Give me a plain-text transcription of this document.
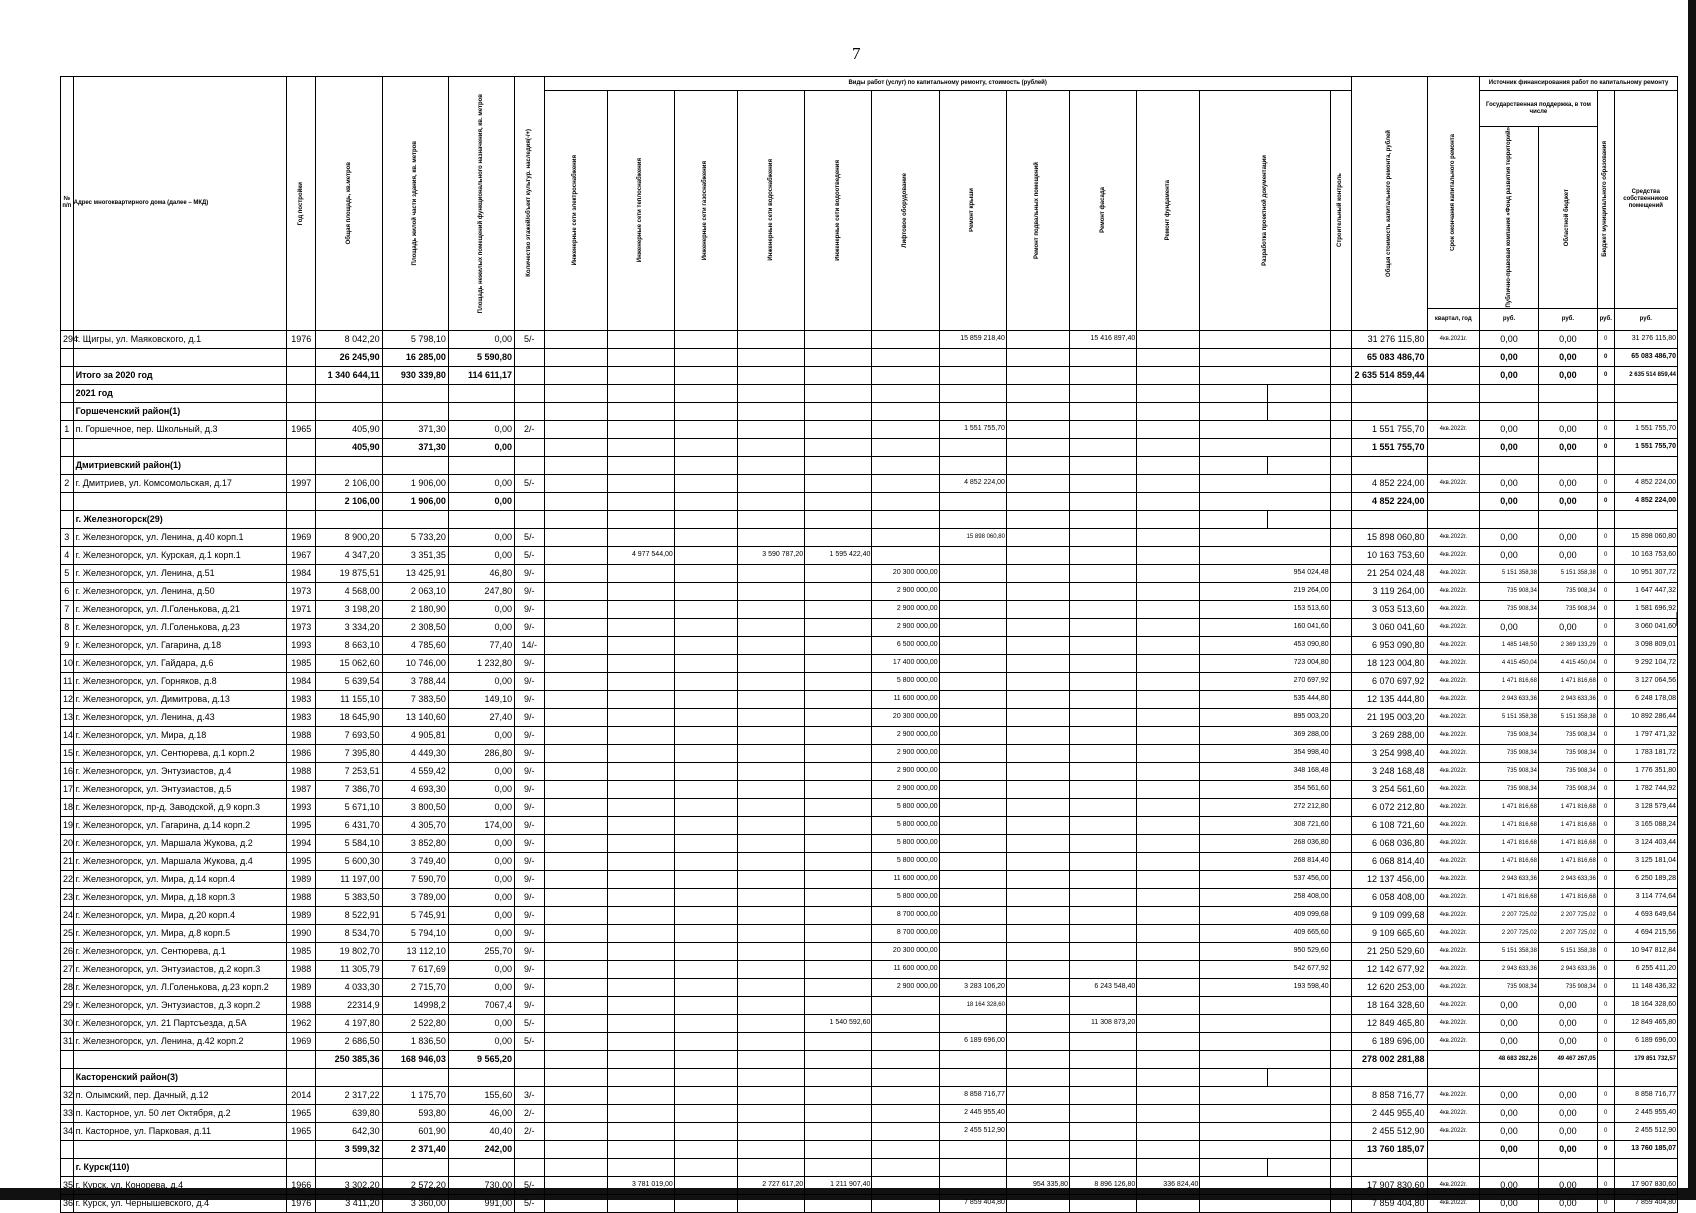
7
№ п/п	Адрес многоквартирного дома (далее – МКД)	Год постройки	Общая площадь, кв.метров	Площадь жилой части здания, кв. метров	Площадь нежилых помещений функционального назначения, кв. метров	Количество этажей/объект культур. наследия(-/+)	Виды работ (услуг) по капитальному ремонту, стоимость (рублей)													Общая стоимость капитального ремонта, рублей	Срок окончания капитального ремонта	Источник финансирования работ по капитальному ремонту			

							Инженерные сети электроснабжения	Инженерные сети теплоснабжения	Инженерные сети газоснабжения	Инженерные сети водоснабжения	Инженерные сети водоотведения	Лифтовое оборудование	Ремонт крыши	Ремонт подвальных помещений	Ремонт фасада	Ремонт фундамента	Разработка проектной документации		Строительный контроль			Государственная поддержка, в том числе		Бюджет муниципального образования	Средства собственников помещений

																						Публично-правовая компания «Фонд развития территорий»	Областной бюджет		

																					квартал, год	руб.	руб.	руб.	руб.
294	г. Щигры, ул. Маяковского, д.1	1976	8 042,20	5 798,10	0,00	5/-							15 859 218,40		15 416 897,40					31 276 115,80	4кв.2021г.	0,00	0,00	0	31 276 115,80
			26 245,90	16 285,00	5 590,80															65 083 486,70		0,00	0,00	0	65 083 486,70
	Итого за 2020 год		1 340 644,11	930 339,80	114 611,17															2 635 514 859,44		0,00	0,00	0	2 635 514 859,44
	2021 год																								
	Горшеченский район(1)																								
1	п. Горшечное, пер. Школьный, д.3	1965	405,90	371,30	0,00	2/-							1 551 755,70							1 551 755,70	4кв.2022г.	0,00	0,00	0	1 551 755,70
			405,90	371,30	0,00															1 551 755,70		0,00	0,00	0	1 551 755,70
	Дмитриевский район(1)																								
2	г. Дмитриев, ул. Комсомольская, д.17	1997	2 106,00	1 906,00	0,00	5/-							4 852 224,00							4 852 224,00	4кв.2022г.	0,00	0,00	0	4 852 224,00
			2 106,00	1 906,00	0,00															4 852 224,00		0,00	0,00	0	4 852 224,00
	г. Железногорск(29)																								
3	г. Железногорск, ул. Ленина, д.40 корп.1	1969	8 900,20	5 733,20	0,00	5/-							15 898 060,80							15 898 060,80	4кв.2022г.	0,00	0,00	0	15 898 060,80
4	г. Железногорск, ул. Курская, д.1 корп.1	1967	4 347,20	3 351,35	0,00	5/-		4 977 544,00		3 590 787,20	1 595 422,40									10 163 753,60	4кв.2022г.	0,00	0,00	0	10 163 753,60
5	г. Железногорск, ул. Ленина, д.51	1984	19 875,51	13 425,91	46,80	9/-						20 300 000,00					954 024,48			21 254 024,48	4кв.2022г.	5 151 358,38	5 151 358,38	0	10 951 307,72
6	г. Железногорск, ул. Ленина, д.50	1973	4 568,00	2 063,10	247,80	9/-						2 900 000,00					219 264,00			3 119 264,00	4кв.2022г.	735 908,34	735 908,34	0	1 647 447,32
7	г. Железногорск, ул. Л.Голенькова, д.21	1971	3 198,20	2 180,90	0,00	9/-						2 900 000,00					153 513,60			3 053 513,60	4кв.2022г.	735 908,34	735 908,34	0	1 581 696,92
8	г. Железногорск, ул. Л.Голенькова, д.23	1973	3 334,20	2 308,50	0,00	9/-						2 900 000,00					160 041,60			3 060 041,60	4кв.2022г.	0,00	0,00	0	3 060 041,60
9	г. Железногорск, ул. Гагарина, д.18	1993	8 663,10	4 785,60	77,40	14/-						6 500 000,00					453 090,80			6 953 090,80	4кв.2022г.	1 485 148,50	2 369 133,29	0	3 098 809,01
10	г. Железногорск, ул. Гайдара, д.6	1985	15 062,60	10 746,00	1 232,80	9/-						17 400 000,00					723 004,80			18 123 004,80	4кв.2022г.	4 415 450,04	4 415 450,04	0	9 292 104,72
11	г. Железногорск, ул. Горняков, д.8	1984	5 639,54	3 788,44	0,00	9/-						5 800 000,00					270 697,92			6 070 697,92	4кв.2022г.	1 471 816,68	1 471 816,68	0	3 127 064,56
12	г. Железногорск, ул. Димитрова, д.13	1983	11 155,10	7 383,50	149,10	9/-						11 600 000,00					535 444,80			12 135 444,80	4кв.2022г.	2 943 633,36	2 943 633,36	0	6 248 178,08
13	г. Железногорск, ул. Ленина, д.43	1983	18 645,90	13 140,60	27,40	9/-						20 300 000,00					895 003,20			21 195 003,20	4кв.2022г.	5 151 358,38	5 151 358,38	0	10 892 286,44
14	г. Железногорск, ул. Мира, д.18	1988	7 693,50	4 905,81	0,00	9/-						2 900 000,00					369 288,00			3 269 288,00	4кв.2022г.	735 908,34	735 908,34	0	1 797 471,32
15	г. Железногорск, ул. Сентюрева, д.1 корп.2	1986	7 395,80	4 449,30	286,80	9/-						2 900 000,00					354 998,40			3 254 998,40	4кв.2022г.	735 908,34	735 908,34	0	1 783 181,72
16	г. Железногорск, ул. Энтузиастов, д.4	1988	7 253,51	4 559,42	0,00	9/-						2 900 000,00					348 168,48			3 248 168,48	4кв.2022г.	735 908,34	735 908,34	0	1 776 351,80
17	г. Железногорск, ул. Энтузиастов, д.5	1987	7 386,70	4 693,30	0,00	9/-						2 900 000,00					354 561,60			3 254 561,60	4кв.2022г.	735 908,34	735 908,34	0	1 782 744,92
18	г. Железногорск, пр-д. Заводской, д.9 корп.3	1993	5 671,10	3 800,50	0,00	9/-						5 800 000,00					272 212,80			6 072 212,80	4кв.2022г.	1 471 816,68	1 471 816,68	0	3 128 579,44
19	г. Железногорск, ул. Гагарина, д.14 корп.2	1995	6 431,70	4 305,70	174,00	9/-						5 800 000,00					308 721,60			6 108 721,60	4кв.2022г.	1 471 816,68	1 471 816,68	0	3 165 088,24
20	г. Железногорск, ул. Маршала Жукова, д.2	1994	5 584,10	3 852,80	0,00	9/-						5 800 000,00					268 036,80			6 068 036,80	4кв.2022г.	1 471 816,68	1 471 816,68	0	3 124 403,44
21	г. Железногорск, ул. Маршала Жукова, д.4	1995	5 600,30	3 749,40	0,00	9/-						5 800 000,00					268 814,40			6 068 814,40	4кв.2022г.	1 471 816,68	1 471 816,68	0	3 125 181,04
22	г. Железногорск, ул. Мира, д.14 корп.4	1989	11 197,00	7 590,70	0,00	9/-						11 600 000,00					537 456,00			12 137 456,00	4кв.2022г.	2 943 633,36	2 943 633,36	0	6 250 189,28
23	г. Железногорск, ул. Мира, д.18 корп.3	1988	5 383,50	3 789,00	0,00	9/-						5 800 000,00					258 408,00			6 058 408,00	4кв.2022г.	1 471 816,68	1 471 816,68	0	3 114 774,64
24	г. Железногорск, ул. Мира, д.20 корп.4	1989	8 522,91	5 745,91	0,00	9/-						8 700 000,00					409 099,68			9 109 099,68	4кв.2022г.	2 207 725,02	2 207 725,02	0	4 693 649,64
25	г. Железногорск, ул. Мира, д.8 корп.5	1990	8 534,70	5 794,10	0,00	9/-						8 700 000,00					409 665,60			9 109 665,60	4кв.2022г.	2 207 725,02	2 207 725,02	0	4 694 215,56
26	г. Железногорск, ул. Сентюрева, д.1	1985	19 802,70	13 112,10	255,70	9/-						20 300 000,00					950 529,60			21 250 529,60	4кв.2022г.	5 151 358,38	5 151 358,38	0	10 947 812,84
27	г. Железногорск, ул. Энтузиастов, д.2 корп.3	1988	11 305,79	7 617,69	0,00	9/-						11 600 000,00					542 677,92			12 142 677,92	4кв.2022г.	2 943 633,36	2 943 633,36	0	6 255 411,20
28	г. Железногорск, ул. Л.Голенькова, д.23 корп.2	1989	4 033,30	2 715,70	0,00	9/-						2 900 000,00	3 283 106,20		6 243 548,40		193 598,40			12 620 253,00	4кв.2022г.	735 908,34	735 908,34	0	11 148 436,32
29	г. Железногорск, ул. Энтузиастов, д.3 корп.2	1988	22314,9	14998,2	7067,4	9/-							18 164 328,60							18 164 328,60	4кв.2022г.	0,00	0,00	0	18 164 328,60
30	г. Железногорск, ул. 21 Партсъезда, д.5А	1962	4 197,80	2 522,80	0,00	5/-					1 540 592,60				11 308 873,20					12 849 465,80	4кв.2022г.	0,00	0,00	0	12 849 465,80
31	г. Железногорск, ул. Ленина, д.42 корп.2	1969	2 686,50	1 836,50	0,00	5/-							6 189 696,00							6 189 696,00	4кв.2022г.	0,00	0,00	0	6 189 696,00
			250 385,36	168 946,03	9 565,20															278 002 281,88		48 683 282,26	49 467 267,05		179 851 732,57
	Касторенский район(3)																								
32	п. Олымский, пер. Дачный, д.12	2014	2 317,22	1 175,70	155,60	3/-							8 858 716,77							8 858 716,77	4кв.2022г.	0,00	0,00	0	8 858 716,77
33	п. Касторное, ул. 50 лет Октября, д.2	1965	639,80	593,80	46,00	2/-							2 445 955,40							2 445 955,40	4кв.2022г.	0,00	0,00	0	2 445 955,40
34	п. Касторное, ул. Парковая, д.11	1965	642,30	601,90	40,40	2/-							2 455 512,90							2 455 512,90	4кв.2022г.	0,00	0,00	0	2 455 512,90
			3 599,32	2 371,40	242,00															13 760 185,07		0,00	0,00	0	13 760 185,07
	г. Курск(110)																								
35	г. Курск, ул. Конорева, д.4	1966	3 302,20	2 572,20	730,00	5/-		3 781 019,00		2 727 617,20	1 211 907,40			954 335,80	8 896 126,80	336 824,40				17 907 830,60	4кв.2022г.	0,00	0,00	0	17 907 830,60
36	г. Курск, ул. Чернышевского, д.4	1976	3 411,20	3 360,00	991,00	5/-							7 859 404,80							7 859 404,80	4кв.2022г.	0,00	0,00	0	7 859 404,80
